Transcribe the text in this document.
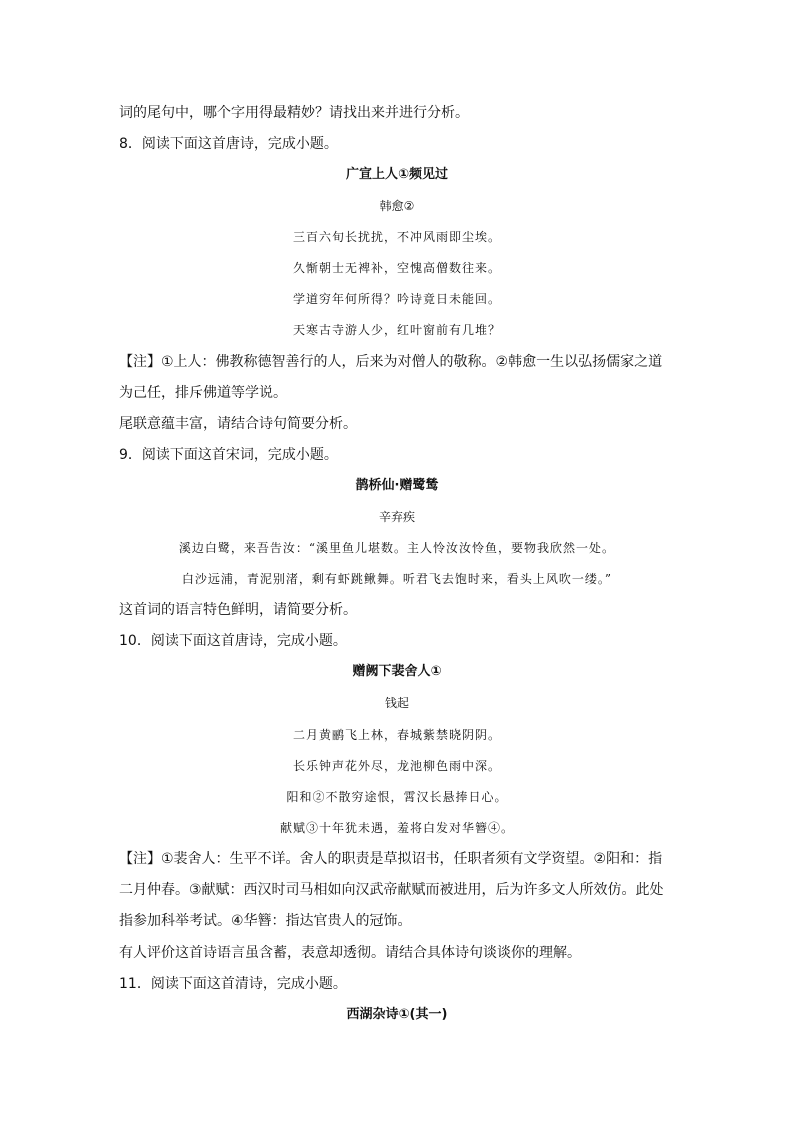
词的尾句中，哪个字用得最精妙？请找出来并进行分析。
8．阅读下面这首唐诗，完成小题。
广宣上人①频见过
韩愈②
三百六旬长扰扰，不冲风雨即尘埃。
久惭朝士无裨补，空愧高僧数往来。
学道穷年何所得？吟诗竟日未能回。
天寒古寺游人少，红叶窗前有几堆？
【注】①上人：佛教称德智善行的人，后来为对僧人的敬称。②韩愈一生以弘扬儒家之道
为己任，排斥佛道等学说。
尾联意蕴丰富，请结合诗句简要分析。
9．阅读下面这首宋词，完成小题。
鹊桥仙·赠鹭鸶
辛弃疾
溪边白鹭，来吾告汝：“溪里鱼儿堪数。主人怜汝汝怜鱼，要物我欣然一处。
白沙远浦，青泥别渚，剩有虾跳鳅舞。听君飞去饱时来，看头上风吹一缕。”
这首词的语言特色鲜明，请简要分析。
10．阅读下面这首唐诗，完成小题。
赠阙下裴舍人①
钱起
二月黄鹂飞上林，春城紫禁晓阴阴。
长乐钟声花外尽，龙池柳色雨中深。
阳和②不散穷途恨，霄汉长悬捧日心。
献赋③十年犹未遇，羞将白发对华簪④。
【注】①裴舍人：生平不详。舍人的职责是草拟诏书，任职者须有文学资望。②阳和：指
二月仲春。③献赋：西汉时司马相如向汉武帝献赋而被进用，后为许多文人所效仿。此处
指参加科举考试。④华簪：指达官贵人的冠饰。
有人评价这首诗语言虽含蓄，表意却透彻。请结合具体诗句谈谈你的理解。
11．阅读下面这首清诗，完成小题。
西湖杂诗①(其一)
